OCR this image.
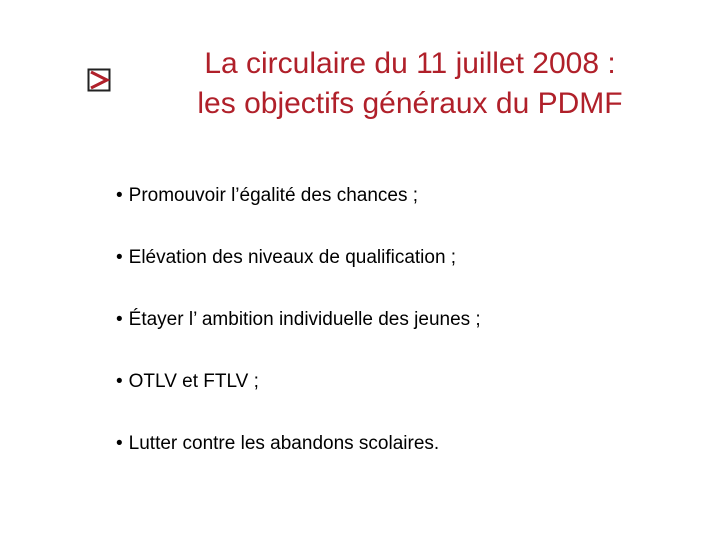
La circulaire du 11 juillet 2008 :
les objectifs généraux du PDMF
• Promouvoir l’égalité des chances ;
• Elévation des niveaux de qualification ;
• Étayer l’ ambition individuelle des jeunes ;
• OTLV et FTLV ;
• Lutter contre les abandons scolaires.
